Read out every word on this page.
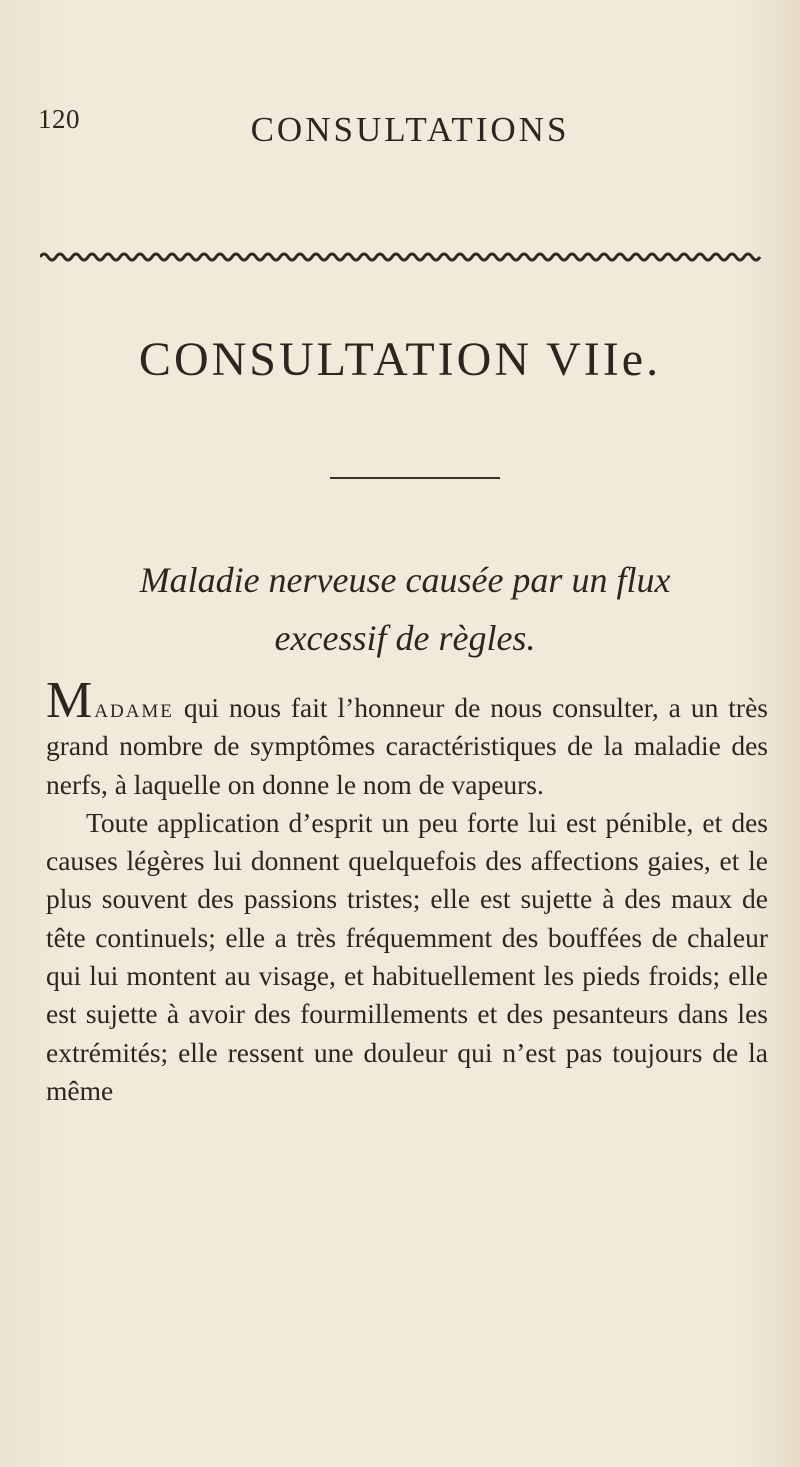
120	CONSULTATIONS
CONSULTATION VIIe.
Maladie nerveuse causée par un flux
excessif de règles.

Madame qui nous fait l’honneur de nous consulter, a un très grand nombre de symptômes caractéristiques de la maladie des nerfs, à laquelle on donne le nom de vapeurs.

Toute application d’esprit un peu forte lui est pénible, et des causes légères lui donnent quelquefois des affections gaies, et le plus souvent des passions tristes; elle est sujette à des maux de tête continuels; elle a très fréquemment des bouffées de chaleur qui lui montent au visage, et habituellement les pieds froids; elle est sujette à avoir des fourmillements et des pesanteurs dans les extrémités; elle ressent une douleur qui n’est pas toujours de la même
